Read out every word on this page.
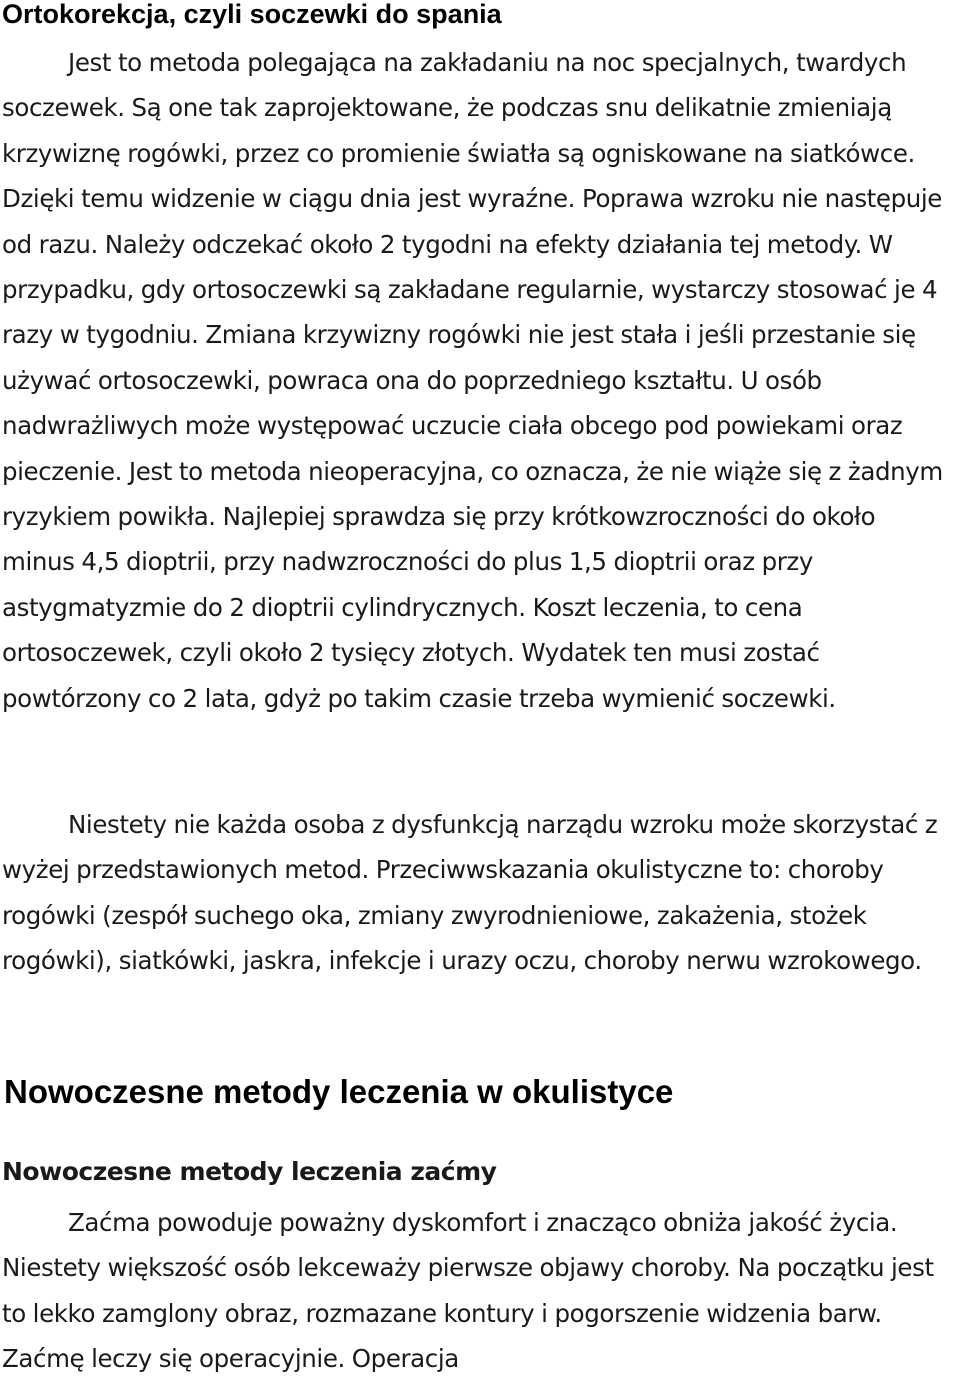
Ortokorekcja, czyli soczewki do spania

Jest to metoda polegająca na zakładaniu na noc specjalnych, twardych soczewek. Są one tak zaprojektowane, że podczas snu delikatnie zmieniają krzywiznę rogówki, przez co promienie światła są ogniskowane na siatkówce. Dzięki temu widzenie w ciągu dnia jest wyraźne. Poprawa wzroku nie następuje od razu. Należy odczekać około 2 tygodni na efekty działania tej metody. W przypadku, gdy ortosoczewki są zakładane regularnie, wystarczy stosować je 4 razy w tygodniu. Zmiana krzywizny rogówki nie jest stała i jeśli przestanie się używać ortosoczewki, powraca ona do poprzedniego kształtu. U osób nadwrażliwych może występować uczucie ciała obcego pod powiekami oraz pieczenie. Jest to metoda nieoperacyjna, co oznacza, że nie wiąże się z żadnym ryzykiem powikła. Najlepiej sprawdza się przy krótkowzroczności do około minus 4,5 dioptrii, przy nadwzroczności do plus 1,5 dioptrii oraz przy astygmatyzmie do 2 dioptrii cylindrycznych. Koszt leczenia, to cena ortosoczewek, czyli około 2 tysięcy złotych. Wydatek ten musi zostać powtórzony co 2 lata, gdyż po takim czasie trzeba wymienić soczewki.

Niestety nie każda osoba z dysfunkcją narządu wzroku może skorzystać z wyżej przedstawionych metod. Przeciwwskazania okulistyczne to: choroby rogówki (zespół suchego oka, zmiany zwyrodnieniowe, zakażenia, stożek rogówki), siatkówki, jaskra, infekcje i urazy oczu, choroby nerwu wzrokowego.

Nowoczesne metody leczenia w okulistyce
Nowoczesne metody leczenia zaćmy

Zaćma powoduje poważny dyskomfort i znacząco obniża jakość życia. Niestety większość osób lekceważy pierwsze objawy choroby. Na początku jest to lekko zamglony obraz, rozmazane kontury i pogorszenie widzenia barw. Zaćmę leczy się operacyjnie. Operacja
